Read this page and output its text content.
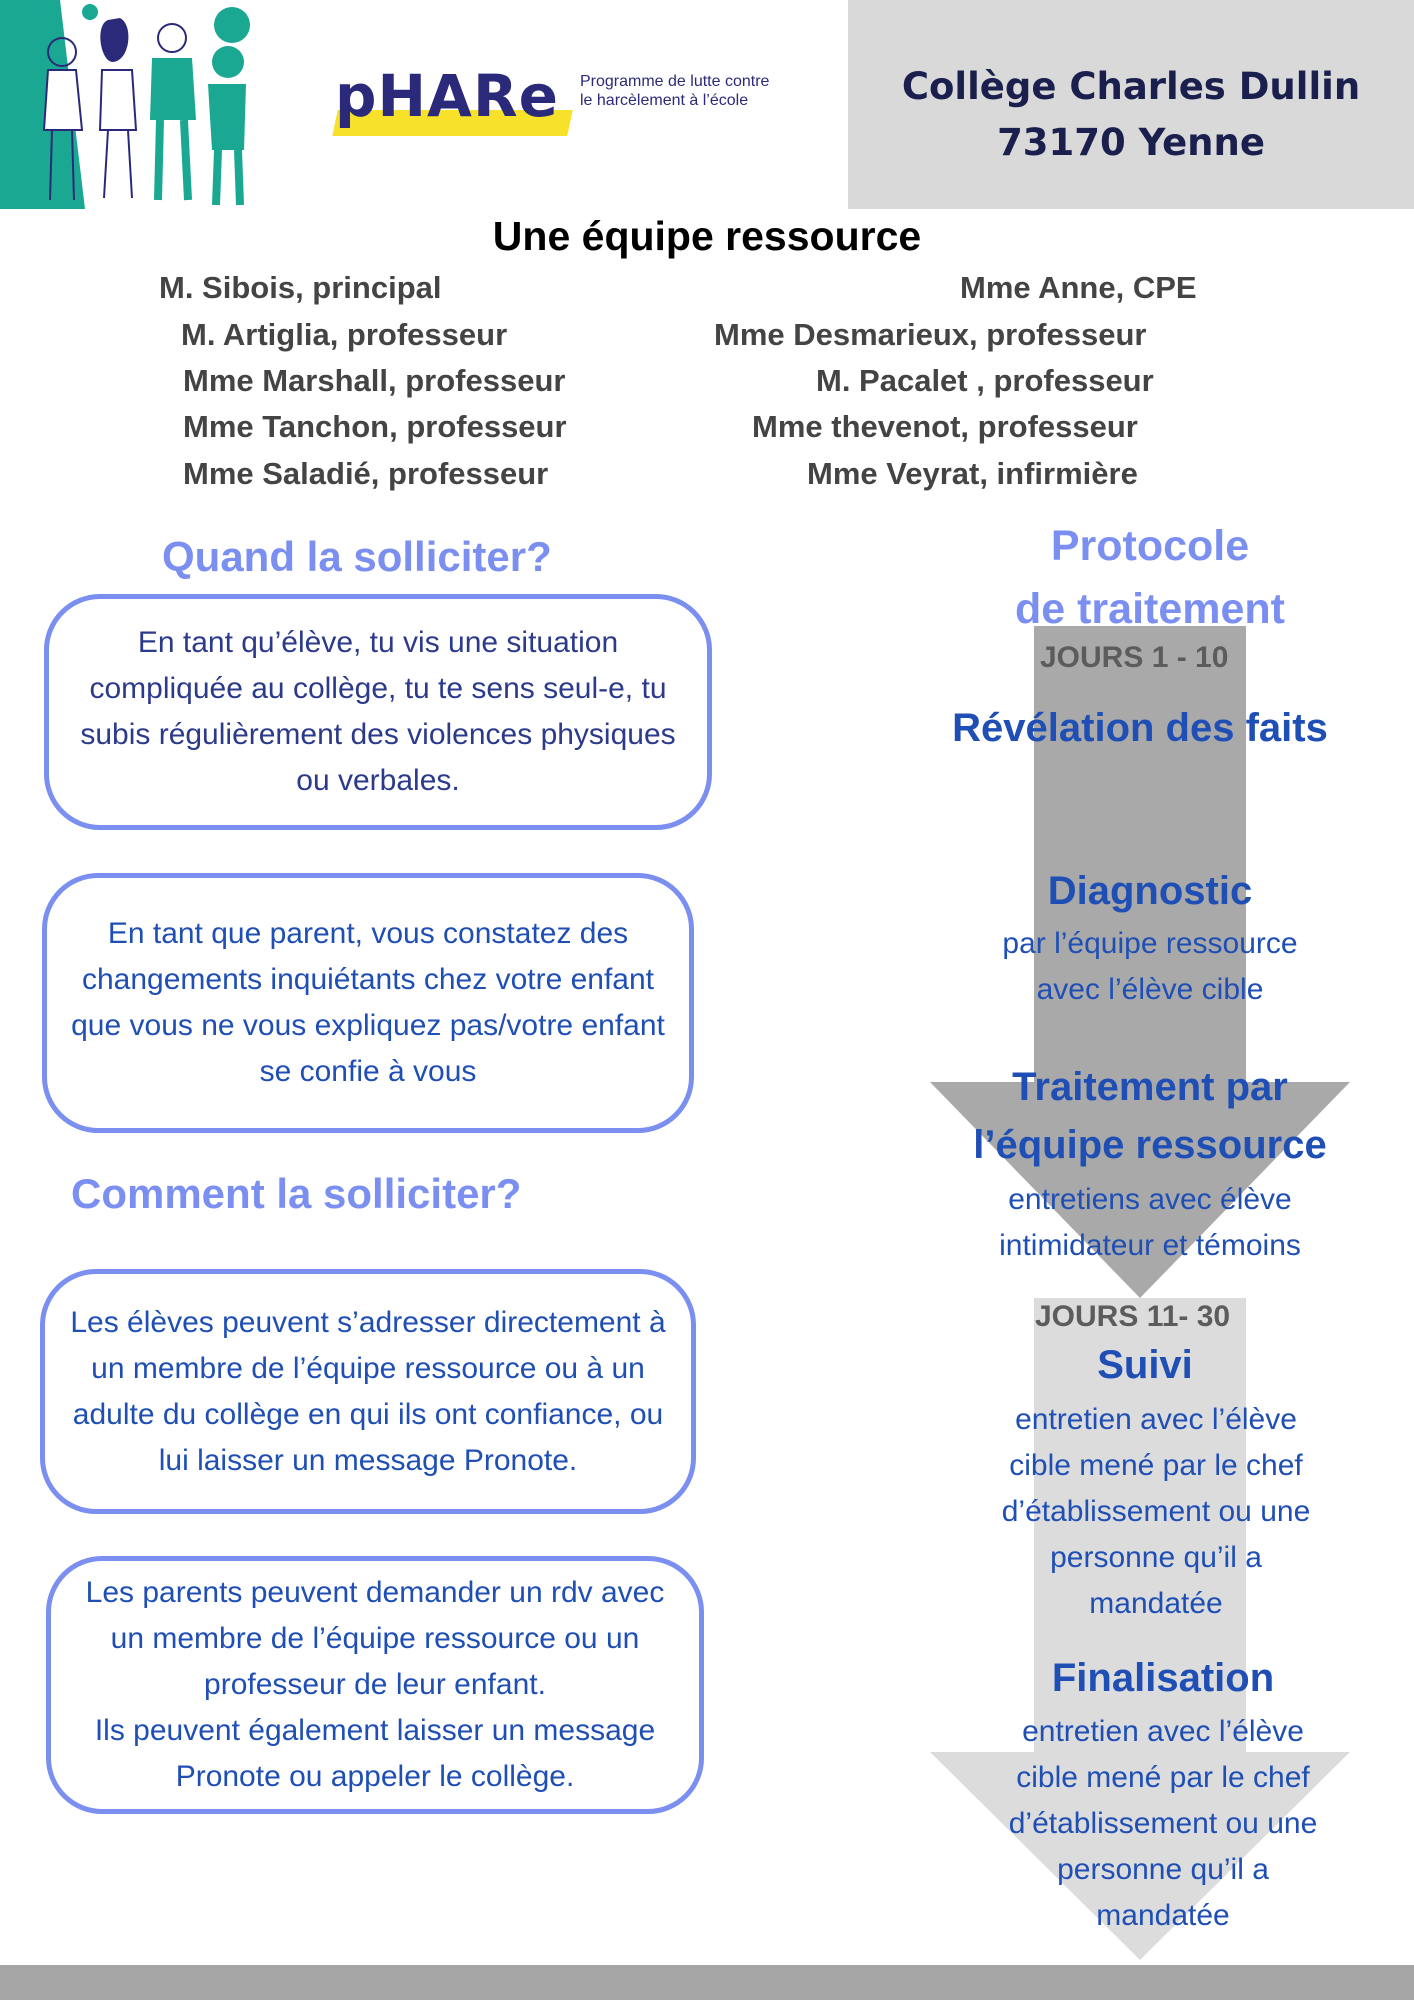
pHARe Programme de lutte contre
le harcèlement à l’école	Collège Charles Dullin
73170 Yenne
Une équipe ressource
M. Sibois, principal
M. Artiglia, professeur
Mme Marshall, professeur
Mme Tanchon, professeur
Mme Saladié, professeur
Mme Anne, CPE
Mme Desmarieux, professeur
M. Pacalet , professeur
Mme thevenot, professeur
Mme Veyrat, infirmière
Quand la solliciter?
En tant qu’élève, tu vis une situation compliquée au collège, tu te sens seul-e, tu subis régulièrement des violences physiques ou verbales.
En tant que parent, vous constatez des changements inquiétants chez votre enfant que vous ne vous expliquez pas/votre enfant se confie à vous
Comment la solliciter?
Les élèves peuvent s’adresser directement à un membre de l’équipe ressource ou à un adulte du collège en qui ils ont confiance, ou lui laisser un message Pronote.
Les parents peuvent demander un rdv avec un membre de l’équipe ressource ou un professeur de leur enfant.
Ils peuvent également laisser un message Pronote ou appeler le collège.
Protocole
de traitement
JOURS 1 - 10
Révélation des faits
Diagnostic
par l’équipe ressource
avec l’élève cible
Traitement par l’équipe ressource
entretiens avec élève
intimidateur et témoins
JOURS 11- 30
Suivi
entretien avec l’élève
cible mené par le chef
d’établissement ou une
personne qu’il a
mandatée
Finalisation
entretien avec l’élève
cible mené par le chef
d’établissement ou une
personne qu’il a
mandatée
